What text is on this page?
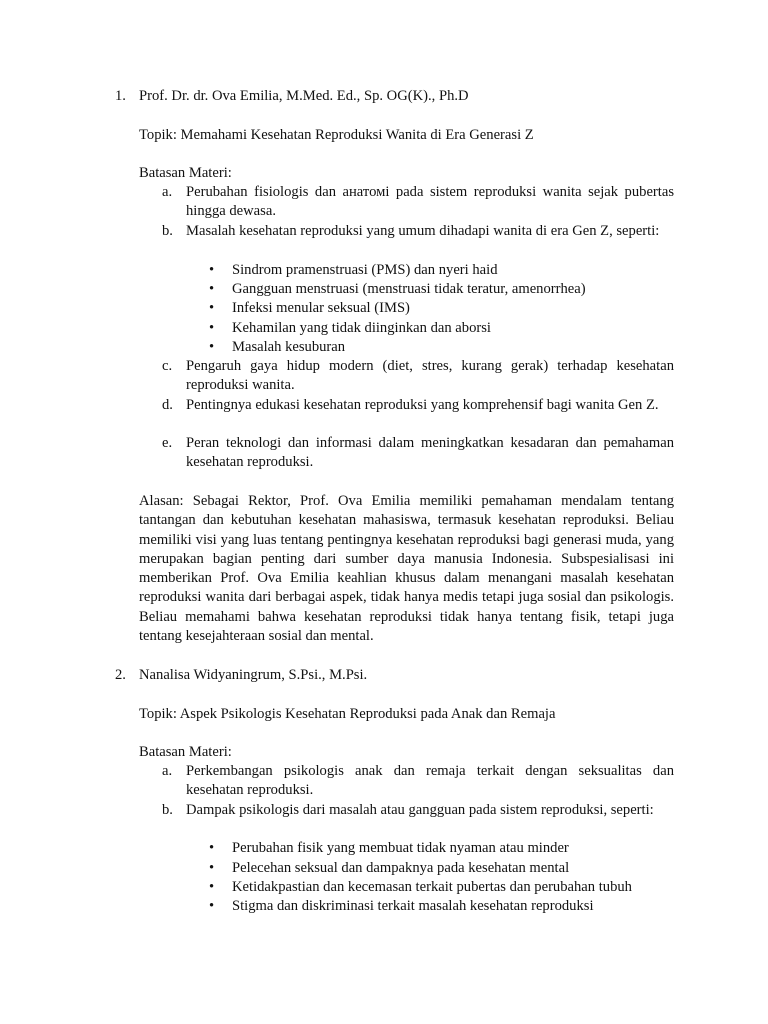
1. Prof. Dr. dr. Ova Emilia, M.Med. Ed., Sp. OG(K)., Ph.D
Topik: Memahami Kesehatan Reproduksi Wanita di Era Generasi Z
Batasan Materi:
a. Perubahan fisiologis dan анатомi pada sistem reproduksi wanita sejak pubertas hingga dewasa.
b. Masalah kesehatan reproduksi yang umum dihadapi wanita di era Gen Z, seperti:
•
Sindrom pramenstruasi (PMS) dan nyeri haid
•
Gangguan menstruasi (menstruasi tidak teratur, amenorrhea)
•
Infeksi menular seksual (IMS)
•
Kehamilan yang tidak diinginkan dan aborsi
•
Masalah kesuburan
c. Pengaruh gaya hidup modern (diet, stres, kurang gerak) terhadap kesehatan reproduksi wanita.
d. Pentingnya edukasi kesehatan reproduksi yang komprehensif bagi wanita Gen Z.
e. Peran teknologi dan informasi dalam meningkatkan kesadaran dan pemahaman kesehatan reproduksi.
Alasan: Sebagai Rektor, Prof. Ova Emilia memiliki pemahaman mendalam tentang tantangan dan kebutuhan kesehatan mahasiswa, termasuk kesehatan reproduksi. Beliau memiliki visi yang luas tentang pentingnya kesehatan reproduksi bagi generasi muda, yang merupakan bagian penting dari sumber daya manusia Indonesia. Subspesialisasi ini memberikan Prof. Ova Emilia keahlian khusus dalam menangani masalah kesehatan reproduksi wanita dari berbagai aspek, tidak hanya medis tetapi juga sosial dan psikologis. Beliau memahami bahwa kesehatan reproduksi tidak hanya tentang fisik, tetapi juga tentang kesejahteraan sosial dan mental.
2. Nanalisa Widyaningrum, S.Psi., M.Psi.
Topik: Aspek Psikologis Kesehatan Reproduksi pada Anak dan Remaja
Batasan Materi:
a. Perkembangan psikologis anak dan remaja terkait dengan seksualitas dan kesehatan reproduksi.
b. Dampak psikologis dari masalah atau gangguan pada sistem reproduksi, seperti:
•
Perubahan fisik yang membuat tidak nyaman atau minder
•
Pelecehan seksual dan dampaknya pada kesehatan mental
•
Ketidakpastian dan kecemasan terkait pubertas dan perubahan tubuh
•
Stigma dan diskriminasi terkait masalah kesehatan reproduksi
